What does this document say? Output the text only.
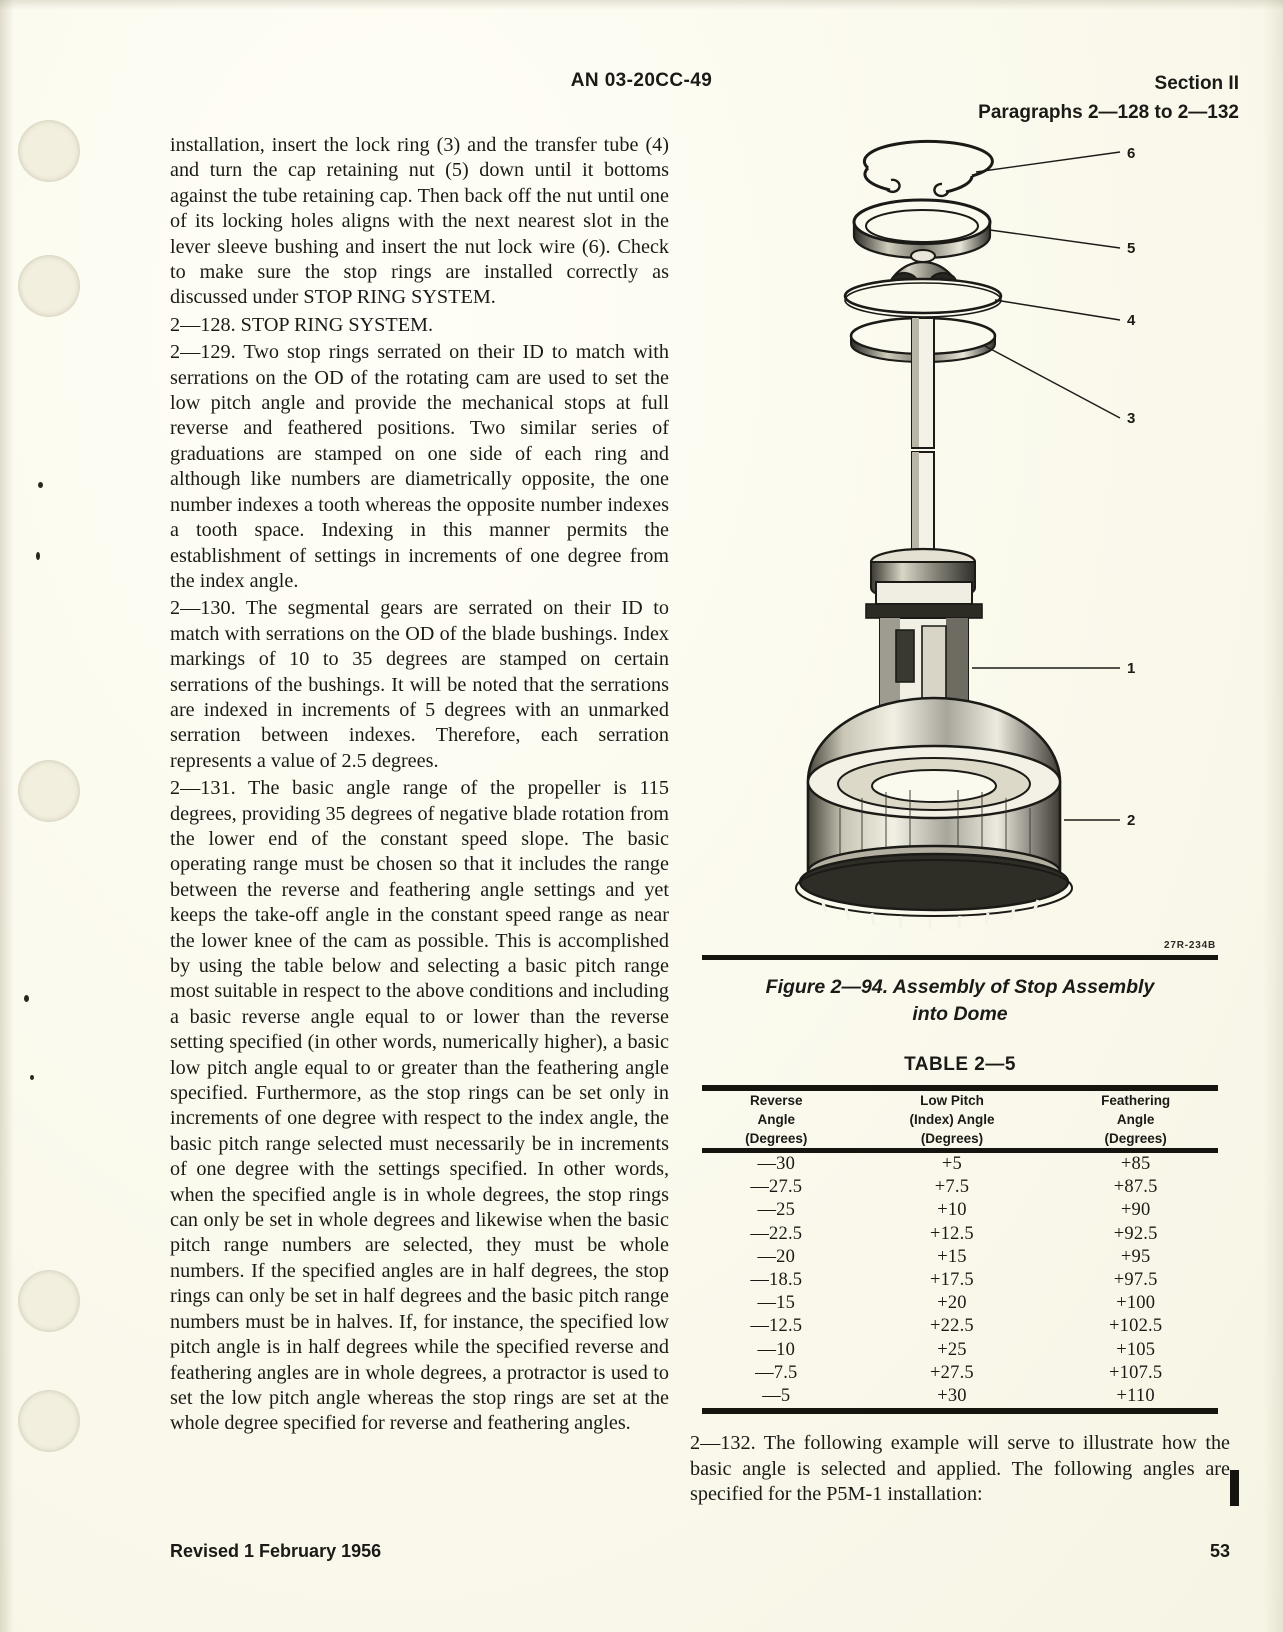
AN 03-20CC-49	Section II
Paragraphs 2—128 to 2—132

installation, insert the lock ring (3) and the transfer tube (4) and turn the cap retaining nut (5) down until it bottoms against the tube retaining cap. Then back off the nut until one of its locking holes aligns with the next nearest slot in the lever sleeve bushing and insert the nut lock wire (6). Check to make sure the stop rings are installed correctly as discussed under STOP RING SYSTEM.

2—128. STOP RING SYSTEM.

2—129. Two stop rings serrated on their ID to match with serrations on the OD of the rotating cam are used to set the low pitch angle and provide the mechanical stops at full reverse and feathered positions. Two similar series of graduations are stamped on one side of each ring and although like numbers are diametrically opposite, the one number indexes a tooth whereas the opposite number indexes a tooth space. Indexing in this manner permits the establishment of settings in increments of one degree from the index angle.

2—130. The segmental gears are serrated on their ID to match with serrations on the OD of the blade bushings. Index markings of 10 to 35 degrees are stamped on certain serrations of the bushings. It will be noted that the serrations are indexed in increments of 5 degrees with an unmarked serration between indexes. Therefore, each serration represents a value of 2.5 degrees.

2—131. The basic angle range of the propeller is 115 degrees, providing 35 degrees of negative blade rotation from the lower end of the constant speed slope. The basic operating range must be chosen so that it includes the range between the reverse and feathering angle settings and yet keeps the take-off angle in the constant speed range as near the lower knee of the cam as possible. This is accomplished by using the table below and selecting a basic pitch range most suitable in respect to the above conditions and including a basic reverse angle equal to or lower than the reverse setting specified (in other words, numerically higher), a basic low pitch angle equal to or greater than the feathering angle specified. Furthermore, as the stop rings can be set only in increments of one degree with respect to the index angle, the basic pitch range selected must necessarily be in increments of one degree with the settings specified. In other words, when the specified angle is in whole degrees, the stop rings can only be set in whole degrees and likewise when the basic pitch range numbers are selected, they must be whole numbers. If the specified angles are in half degrees, the stop rings can only be set in half degrees and the basic pitch range numbers must be in halves. If, for instance, the specified low pitch angle is in half degrees while the specified reverse and feathering angles are in whole degrees, a protractor is used to set the low pitch angle whereas the stop rings are set at the whole degree specified for reverse and feathering angles.

6
5
4
3
1
2
27R-234B
Figure 2—94. Assembly of Stop Assembly
into Dome
TABLE 2—5

Reverse
Angle
(Degrees)

Low Pitch
(Index) Angle
(Degrees)

Feathering
Angle
(Degrees)

—30	+5	+85
—27.5	+7.5	+87.5
—25	+10	+90
—22.5	+12.5	+92.5
—20	+15	+95
—18.5	+17.5	+97.5
—15	+20	+100
—12.5	+22.5	+102.5
—10	+25	+105
—7.5	+27.5	+107.5
—5	+30	+110

2—132. The following example will serve to illustrate how the basic angle is selected and applied. The following angles are specified for the P5M-1 installation:

Revised 1 February 1956	53
